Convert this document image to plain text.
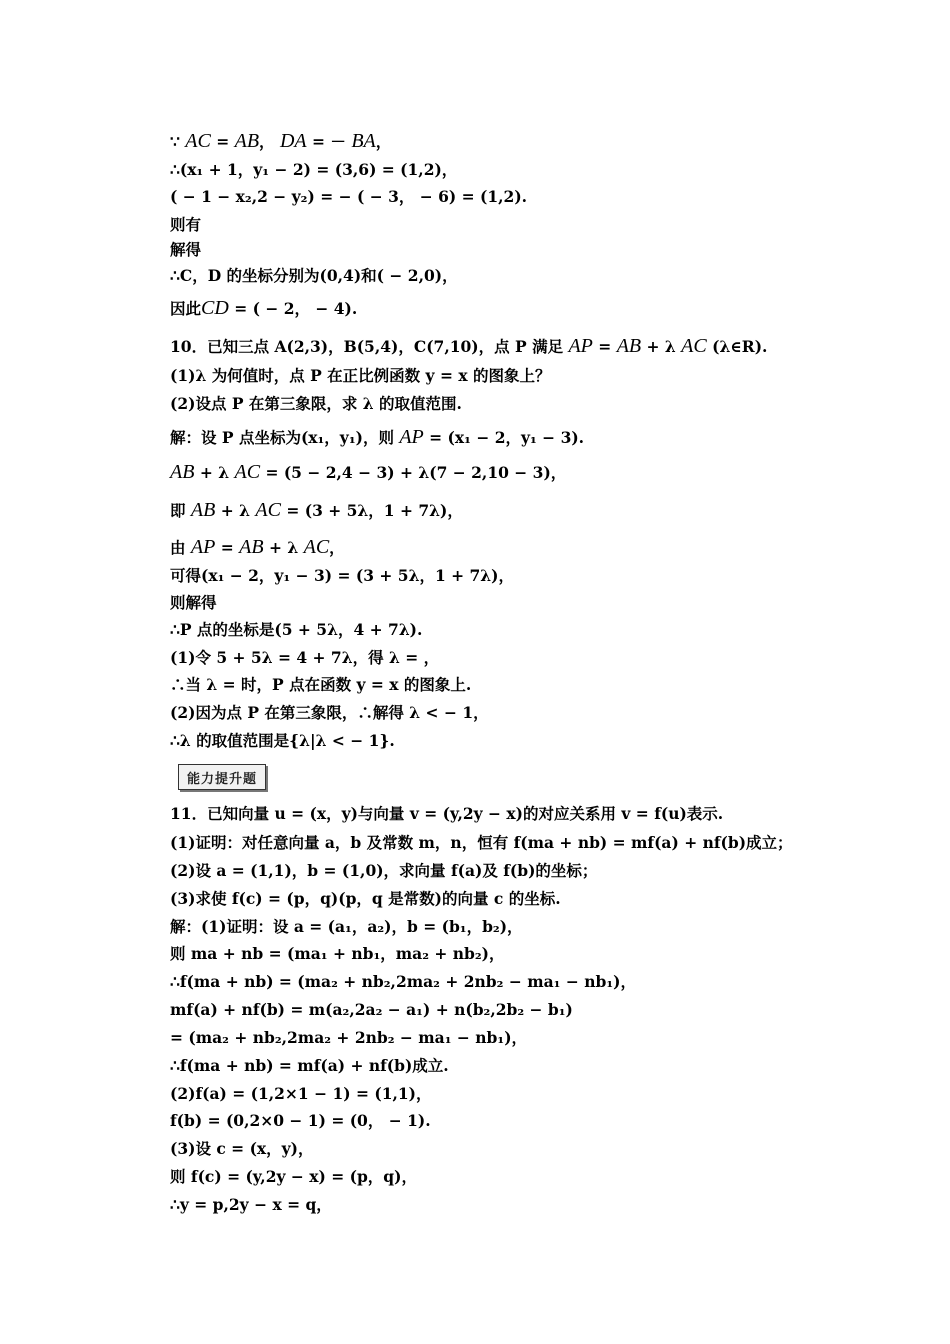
∵ AC = AB， DA = － BA，
∴(x₁ + 1，y₁ − 2) = (3,6) = (1,2)，
( − 1 − x₂,2 − y₂) = − ( − 3， − 6) = (1,2).
则有
解得
∴C，D 的坐标分别为(0,4)和( − 2,0)，
因此CD = ( − 2， − 4).
10．已知三点 A(2,3)，B(5,4)，C(7,10)，点 P 满足 AP = AB + λ AC (λ∈R).
(1)λ 为何值时，点 P 在正比例函数 y = x 的图象上？
(2)设点 P 在第三象限，求 λ 的取值范围.
解：设 P 点坐标为(x₁，y₁)，则 AP = (x₁ − 2，y₁ − 3).
AB + λ AC = (5 − 2,4 − 3) + λ(7 − 2,10 − 3)，
即 AB + λ AC = (3 + 5λ，1 + 7λ)，
由 AP = AB + λ AC，
可得(x₁ − 2，y₁ − 3) = (3 + 5λ，1 + 7λ)，
则解得
∴P 点的坐标是(5 + 5λ，4 + 7λ).
(1)令 5 + 5λ = 4 + 7λ，得 λ = ，
∴当 λ = 时，P 点在函数 y = x 的图象上.
(2)因为点 P 在第三象限，∴解得 λ < − 1，
∴λ 的取值范围是{λ|λ < − 1}.
11．已知向量 u = (x，y)与向量 v = (y,2y − x)的对应关系用 v = f(u)表示.
(1)证明：对任意向量 a，b 及常数 m，n，恒有 f(ma + nb) = mf(a) + nf(b)成立；
(2)设 a = (1,1)，b = (1,0)，求向量 f(a)及 f(b)的坐标；
(3)求使 f(c) = (p，q)(p，q 是常数)的向量 c 的坐标.
解：(1)证明：设 a = (a₁，a₂)，b = (b₁，b₂)，
则 ma + nb = (ma₁ + nb₁，ma₂ + nb₂)，
∴f(ma + nb) = (ma₂ + nb₂,2ma₂ + 2nb₂ − ma₁ − nb₁)，
mf(a) + nf(b) = m(a₂,2a₂ − a₁) + n(b₂,2b₂ − b₁)
= (ma₂ + nb₂,2ma₂ + 2nb₂ − ma₁ − nb₁)，
∴f(ma + nb) = mf(a) + nf(b)成立.
(2)f(a) = (1,2×1 − 1) = (1,1)，
f(b) = (0,2×0 − 1) = (0， − 1).
(3)设 c = (x，y)，
则 f(c) = (y,2y − x) = (p，q)，
∴y = p,2y − x = q，
能力提升题
